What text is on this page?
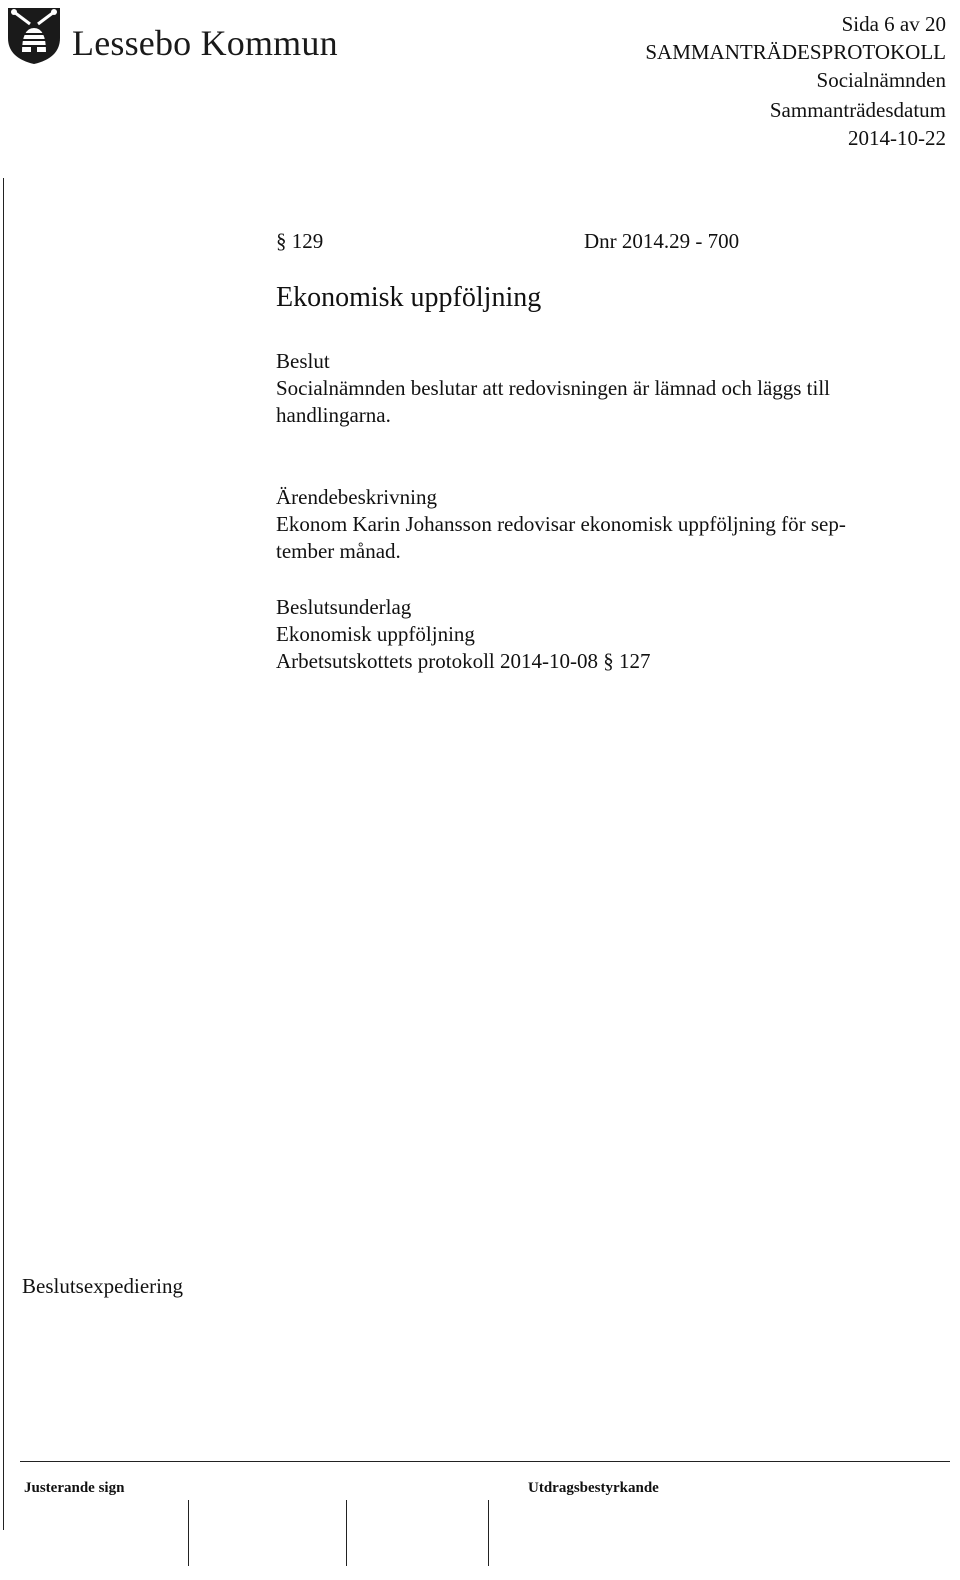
Lessebo Kommun	Sida 6 av 20
SAMMANTRÄDESPROTOKOLL
Socialnämnden
Sammanträdesdatum
2014-10-22
§ 129	Dnr 2014.29 - 700
Ekonomisk uppföljning
Beslut
Socialnämnden beslutar att redovisningen är lämnad och läggs till
handlingarna.
Ärendebeskrivning
Ekonom Karin Johansson redovisar ekonomisk uppföljning för sep-
tember månad.
Beslutsunderlag
Ekonomisk uppföljning
Arbetsutskottets protokoll 2014-10-08 § 127
Beslutsexpediering
Justerande sign	Utdragsbestyrkande
